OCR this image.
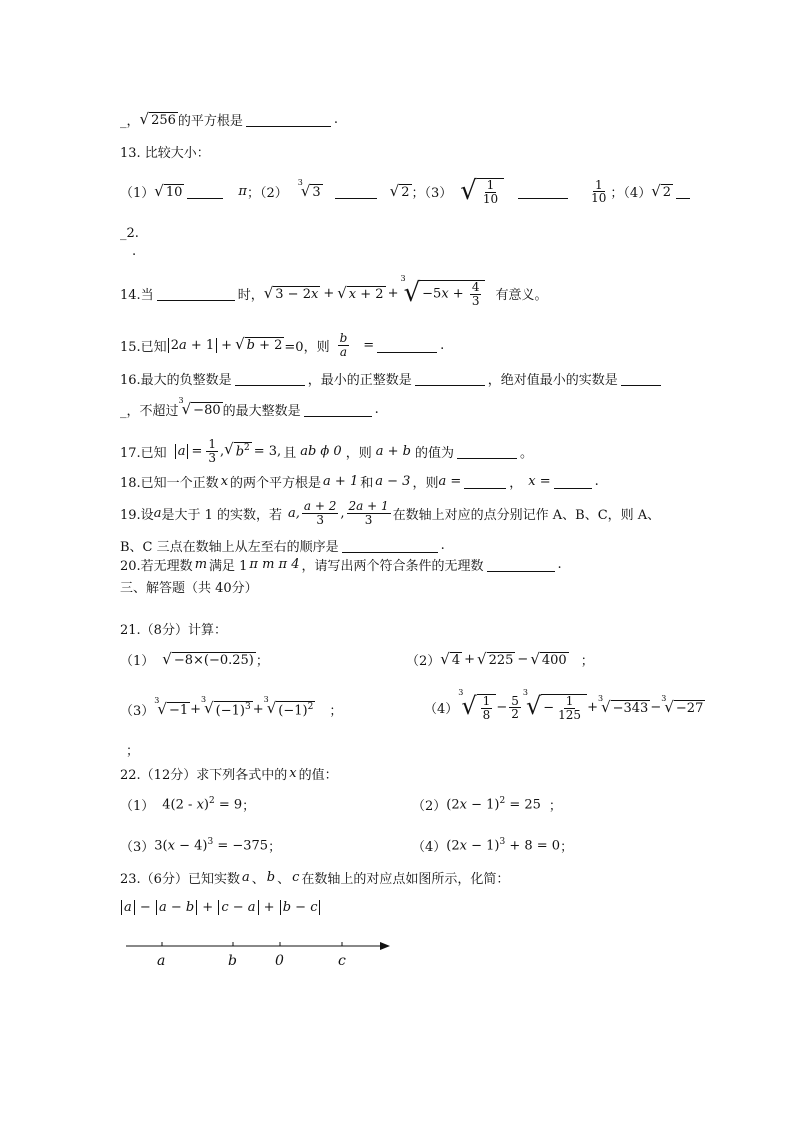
_， √ 256 的平方根是	.
13. 比较大小：
（1） √ 10	π ；（2）
3
√ 3	√ 2 ；（3） √ $\frac{1}{10}$	$\frac{1}{10}$ ；（4） √ 2
_2.
.
14.当	时， √ 3 − 2x + √ x + 2 +
3
√ $-5x + \frac{4}{3}$ 有意义。
15.已知 2a + 1 + √ b + 2 =0，则 $\frac{b}{a}$ =	.
16.最大的负整数是	，最小的正整数是	，绝对值最小的实数是
_，不超过
3
√ −80 的最大整数是	.
17.已知 $a = \frac{1}{3}$ , √ $b^2 = 3$, 且 ab ϕ 0 ，则 a + b 的值为	。
18.已知一个正数 x 的两个平方根是 a + 1 和 a − 3 ，则 a =	， x =	.
19.设 a 是大于 1 的实数，若 a, $\frac{a + 2}{3}$ , $\frac{2a + 1}{3}$ 在数轴上对应的点分别记作 A、B、C，则 A、
B、C 三点在数轴上从左至右的顺序是	.
20.若无理数 m 满足 1 π m π 4 ，请写出两个符合条件的无理数	.
三、解答题（共 40分）
21.（8分）计算：
（1） √ −8×(−0.25) ；	（2） √ 4 + √ 225 − √ 400 ；
（3）
3
√ −1 +
3
√ $(-1)^3$ +
3
√ $(-1)^2$ ；	（4）
3
√ $\frac{1}{8} - \frac{5}{2}$
3
√ − $\frac{1}{125}$ +
3
√ −343 −
3
√ −27
；
22.（12分）求下列各式中的 x 的值：
（1） 4(2 - x)$^2$ = 9 ；	（2） $(2x - 1)^2 = 25$ ；
（3） $3(x - 4)^3 = -375$ ；	（4） $(2x - 1)^3 + 8 = 0$ ；
23.（6分）已知实数 a 、 b 、 c 在数轴上的对应点如图所示，化简：
a − a − b + c − a + b − c
a	b	0	c
